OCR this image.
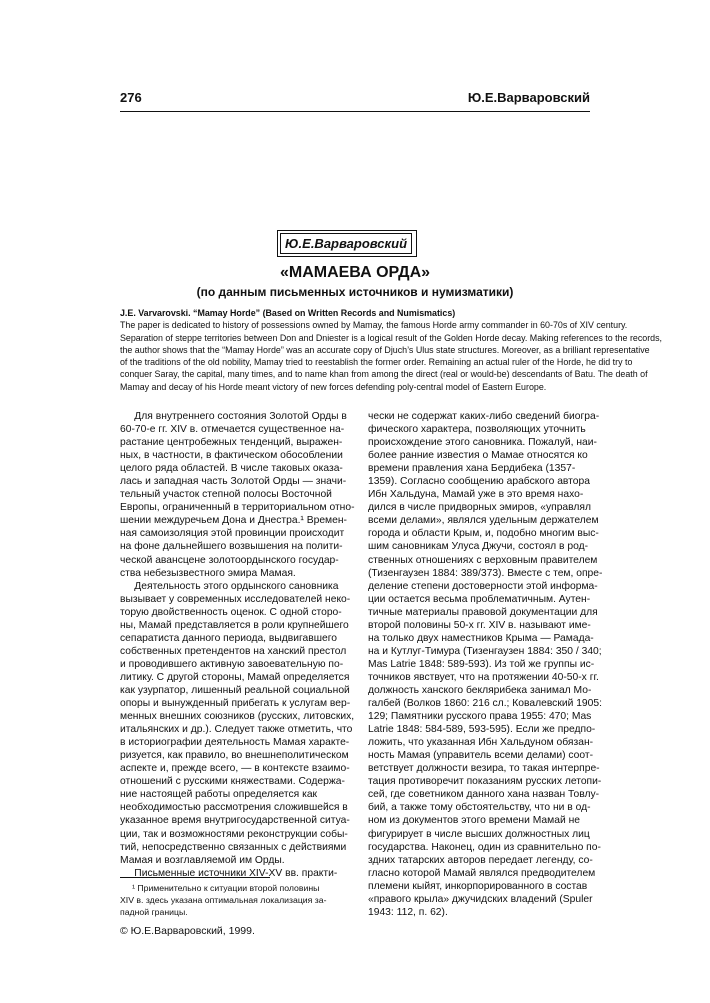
276	Ю.Е.Варваровский
Ю.Е.Варваровский
«МАМАЕВА ОРДА»
(по данным письменных источников и нумизматики)
J.E. Varvarovski. “Mamay Horde” (Based on Written Records and Numismatics)
The paper is dedicated to history of possessions owned by Mamay, the famous Horde army commander in 60-70s of XIV century.
Separation of steppe territories between Don and Dniester is a logical result of the Golden Horde decay. Making references to the records,
the author shows that the “Mamay Horde” was an accurate copy of Djuch’s Ulus state structures. Moreover, as a brilliant representative
of the traditions of the old nobility, Mamay tried to reestablish the former order. Remaining an actual ruler of the Horde, he did try to
conquer Saray, the capital, many times, and to name khan from among the direct (real or would-be) descendants of Batu. The death of
Mamay and decay of his Horde meant victory of new forces defending poly-central model of Eastern Europe.
Для внутреннего состояния Золотой Орды в
60-70-е гг. XIV в. отмечается существенное на-
растание центробежных тенденций, выражен-
ных, в частности, в фактическом обособлении
целого ряда областей. В числе таковых оказа-
лась и западная часть Золотой Орды — значи-
тельный участок степной полосы Восточной
Европы, ограниченный в территориальном отно-
шении междуречьем Дона и Днестра.¹ Времен-
ная самоизоляция этой провинции происходит
на фоне дальнейшего возвышения на полити-
ческой авансцене золотоордынского государ-
ства небезызвестного эмира Мамая.
Деятельность этого ордынского сановника
вызывает у современных исследователей неко-
торую двойственность оценок. С одной сторо-
ны, Мамай представляется в роли крупнейшего
сепаратиста данного периода, выдвигавшего
собственных претендентов на ханский престол
и проводившего активную завоевательную по-
литику. С другой стороны, Мамай определяется
как узурпатор, лишенный реальной социальной
опоры и вынужденный прибегать к услугам вер-
менных внешних союзников (русских, литовских,
итальянских и др.). Следует также отметить, что
в историографии деятельность Мамая характе-
ризуется, как правило, во внешнеполитическом
аспекте и, прежде всего, — в контексте взаимо-
отношений с русскими княжествами. Содержа-
ние настоящей работы определяется как
необходимостью рассмотрения сложившейся в
указанное время внутригосударственной ситуа-
ции, так и возможностями реконструкции собы-
тий, непосредственно связанных с действиями
Мамая и возглавляемой им Орды.
Письменные источники XIV-XV вв. практи-
чески не содержат каких-либо сведений биогра-
фического характера, позволяющих уточнить
происхождение этого сановника. Пожалуй, наи-
более ранние известия о Мамае относятся ко
времени правления хана Бердибека (1357-
1359). Согласно сообщению арабского автора
Ибн Хальдуна, Мамай уже в это время нахо-
дился в числе придворных эмиров, «управлял
всеми делами», являлся удельным держателем
города и области Крым, и, подобно многим выс-
шим сановникам Улуса Джучи, состоял в род-
ственных отношениях с верховным правителем
(Тизенгаузен 1884: 389/373). Вместе с тем, опре-
деление степени достоверности этой информа-
ции остается весьма проблематичным. Аутен-
тичные материалы правовой документации для
второй половины 50-х гг. XIV в. называют име-
на только двух наместников Крыма — Рамада-
на и Кутлуг-Тимура (Тизенгаузен 1884: 350 / 340;
Mas Latrie 1848: 589-593). Из той же группы ис-
точников явствует, что на протяжении 40-50-х гг.
должность ханского беклярибека занимал Мо-
галбей (Волков 1860: 216 сл.; Ковалевский 1905:
129; Памятники русского права 1955: 470; Mas
Latrie 1848: 584-589, 593-595). Если же предпо-
ложить, что указанная Ибн Хальдуном обязан-
ность Мамая (управитель всеми делами) соот-
ветствует должности везира, то такая интерпре-
тация противоречит показаниям русских летопи-
сей, где советником данного хана назван Товлу-
бий, а также тому обстоятельству, что ни в од-
ном из документов этого времени Мамай не
фигурирует в числе высших должностных лиц
государства. Наконец, один из сравнительно по-
здних татарских авторов передает легенду, со-
гласно которой Мамай являлся предводителем
племени кыйят, инкорпорированного в состав
«правого крыла» джучидских владений (Spuler
1943: 112, п. 62).
¹ Применительно к ситуации второй половины
XIV в. здесь указана оптимальная локализация за-
падной границы.
© Ю.Е.Варваровский, 1999.
